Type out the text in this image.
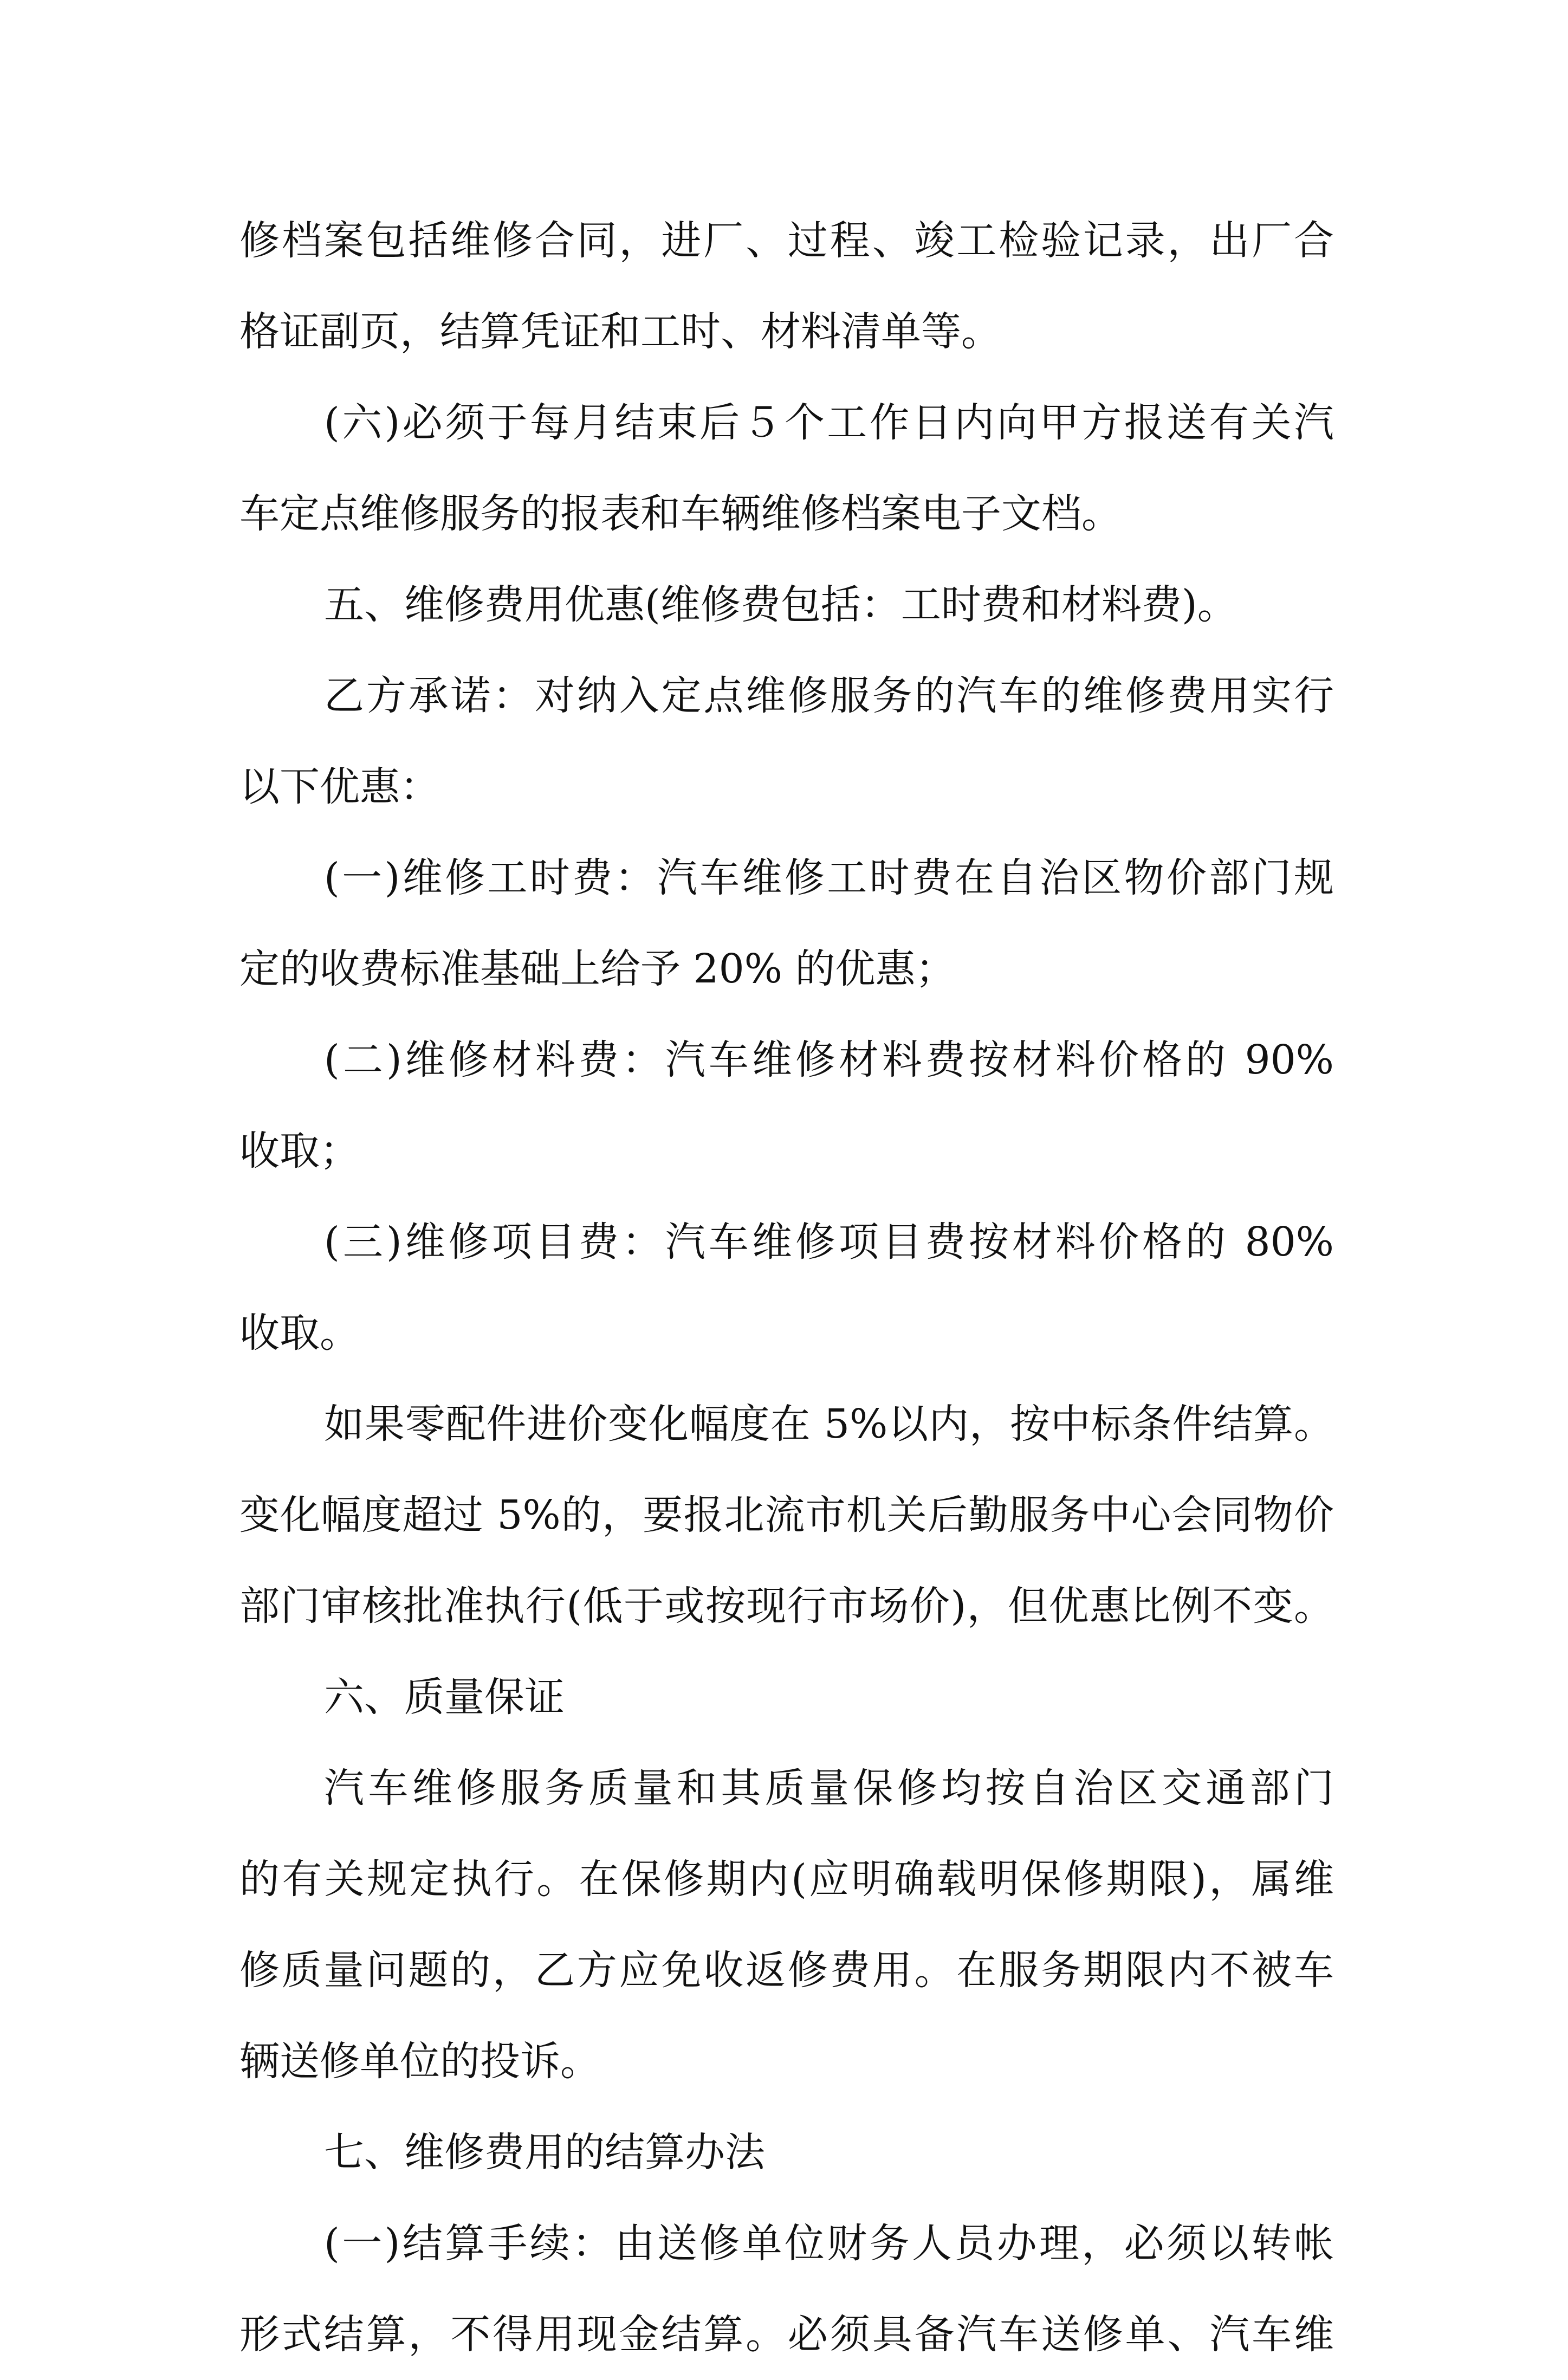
修档案包括维修合同，进厂、过程、竣工检验记录，出厂合
格证副页，结算凭证和工时、材料清单等。
(六)必须于每月结束后５个工作日内向甲方报送有关汽
车定点维修服务的报表和车辆维修档案电子文档。
五、维修费用优惠(维修费包括：工时费和材料费)。
乙方承诺：对纳入定点维修服务的汽车的维修费用实行
以下优惠：
(一)维修工时费：汽车维修工时费在自治区物价部门规
定的收费标准基础上给予 20% 的优惠；
(二)维修材料费：汽车维修材料费按材料价格的 90%
收取；
(三)维修项目费：汽车维修项目费按材料价格的 80%
收取。
如果零配件进价变化幅度在 5%以内，按中标条件结算。
变化幅度超过 5%的，要报北流市机关后勤服务中心会同物价
部门审核批准执行(低于或按现行市场价)，但优惠比例不变。
六、质量保证
汽车维修服务质量和其质量保修均按自治区交通部门
的有关规定执行。在保修期内(应明确载明保修期限)，属维
修质量问题的，乙方应免收返修费用。在服务期限内不被车
辆送修单位的投诉。
七、维修费用的结算办法
(一)结算手续：由送修单位财务人员办理，必须以转帐
形式结算，不得用现金结算。必须具备汽车送修单、汽车维
